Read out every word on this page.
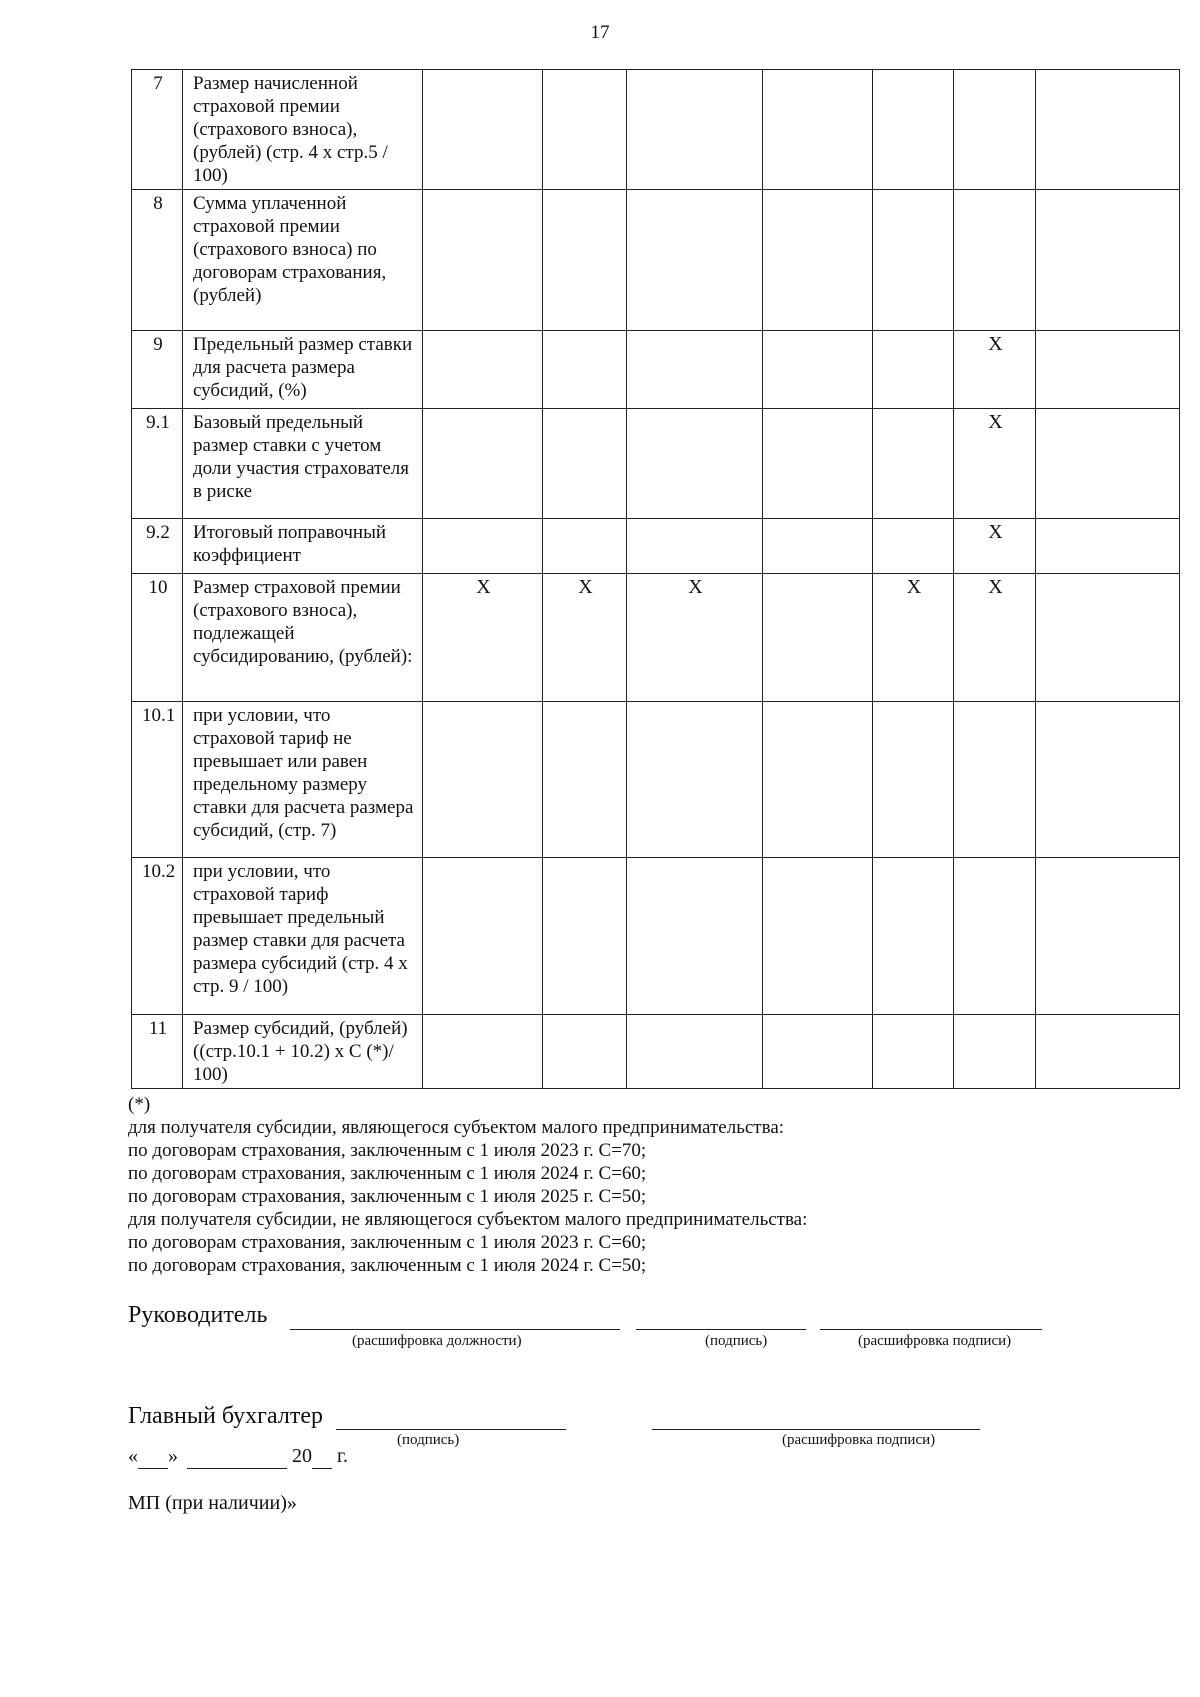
17
7	Размер начисленной страховой премии (страхового взноса), (рублей) (стр. 4 х стр.5 / 100)							
8	Сумма уплаченной страховой премии (страхового взноса) по договорам страхования, (рублей)							
9	Предельный размер ставки для расчета размера субсидий, (%)						X	
9.1	Базовый предельный размер ставки с учетом доли участия страхователя в риске						X	
9.2	Итоговый поправочный коэффициент						X	
10	Размер страховой премии (страхового взноса), подлежащей субсидированию, (рублей):	X	X	X		X	X	
10.1	при условии, что страховой тариф не превышает или равен предельному размеру ставки для расчета размера субсидий, (стр. 7)							
10.2	при условии, что страховой тариф превышает предельный размер ставки для расчета размера субсидий (стр. 4 х стр. 9 / 100)							
11	Размер субсидий, (рублей) ((стр.10.1 + 10.2) х С (*)/ 100)							
(*)
для получателя субсидии, являющегося субъектом малого предпринимательства:
по договорам страхования, заключенным с 1 июля 2023 г. С=70;
по договорам страхования, заключенным с 1 июля 2024 г. С=60;
по договорам страхования, заключенным с 1 июля 2025 г. С=50;
для получателя субсидии, не являющегося субъектом малого предпринимательства:
по договорам страхования, заключенным с 1 июля 2023 г. С=60;
по договорам страхования, заключенным с 1 июля 2024 г. С=50;
Руководитель
(расшифровка должности)	(подпись)	(расшифровка подписи)
Главный бухгалтер
(подпись)	(расшифровка подписи)
« »	20 г.
МП (при наличии)»
